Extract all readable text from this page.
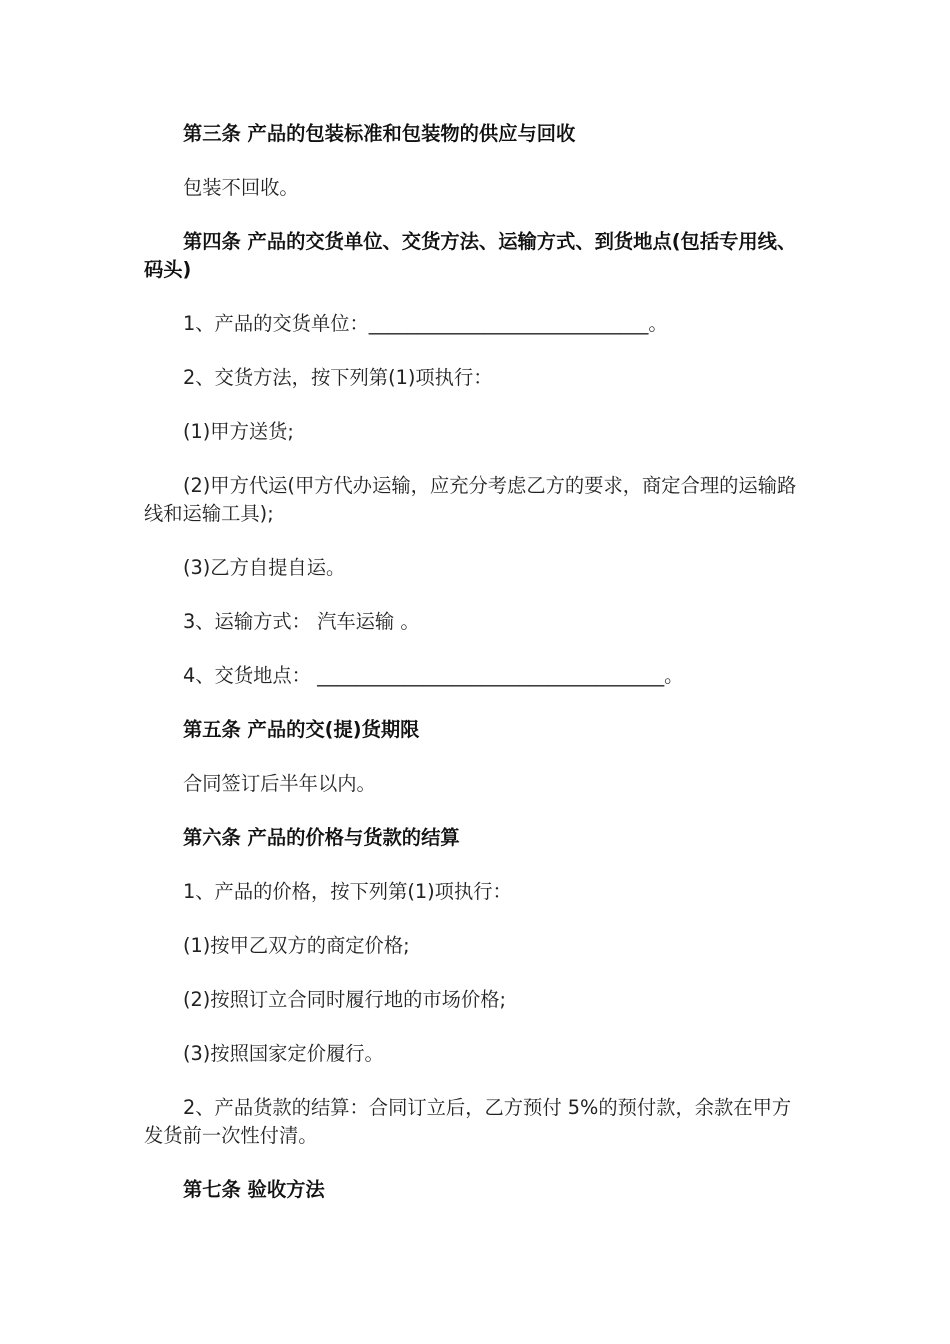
第三条 产品的包装标准和包装物的供应与回收

包装不回收。

第四条 产品的交货单位、交货方法、运输方式、到货地点(包括专用线、码头)

1、产品的交货单位：_____________________________。

2、交货方法，按下列第(1)项执行：

(1)甲方送货;

(2)甲方代运(甲方代办运输，应充分考虑乙方的要求，商定合理的运输路线和运输工具);

(3)乙方自提自运。

3、运输方式： 汽车运输 。

4、交货地点： ____________________________________。

第五条 产品的交(提)货期限

合同签订后半年以内。

第六条 产品的价格与货款的结算

1、产品的价格，按下列第(1)项执行：

(1)按甲乙双方的商定价格;

(2)按照订立合同时履行地的市场价格;

(3)按照国家定价履行。

2、产品货款的结算：合同订立后，乙方预付 5%的预付款，余款在甲方发货前一次性付清。

第七条 验收方法
